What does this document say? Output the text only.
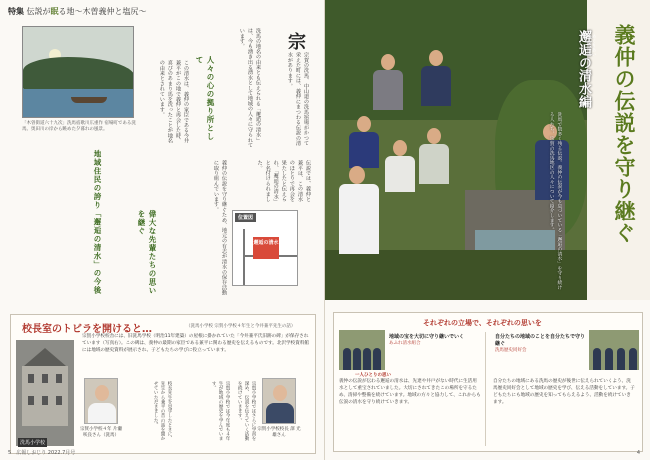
特集 伝説が眠る地〜木曽義仲と塩尻〜
「木曽街道六十九次」洗馬宿歌川広重作 宿場町である洗馬。奥田川の岸から眺めた夕暮れの風景。
宗
宗賀の洗馬、中山道の洗馬宿場がかつて栄えた町には、義仲にまつわる伝説の清水があります。
洗馬の地名の由来とも伝えられる「邂逅の清水」は、今も湧き出る湧水として地域の人々に守られています。
人々の心の拠り所として
この清水は、義仲の家臣である今井兼平がこの地で義仲と再会した時、喜びのあまり馬を洗ったことが地名の由来とされています。
伝説では、義仲と兼平は、この清水のほとりで再会を果たしたと伝えられ、「邂逅の清水」と名付けられました。
地域住民の誇り「邂逅の清水」の今後	義仲の伝説を守り継ぐため、地元の有志が清水の保存活動に取り組んでいます。
偉大な先輩たちの思いを継ぐ	位置図
邂逅の清水
校長室のトビラを開けると…	（洗馬小学校 宗賀小学校４年生と今井兼平先生の話）
洗馬小学校
宗賀小学校校舎には、旧洗馬学校（明治11年建築）の屋根に掛かれていた「今井兼平氏旧跡の碑」が保存されています（写真右）。この碑は、義仲の最期の家臣である兼平に関わる歴史を伝えるものです。北沢学校資料館には地域の歴史資料が展示され、子どもたちの学びに役立っています。
校長先生を見学したときに、先生から兼平の昔の話を聞かせていただきました。	宗賀小学校では今年度も４年生が地域の歴史を学んでいます。	宗賀小学校ではさらに学習を深め、伝説を伝えていく活動を続けていきます。
宗賀小学校４年 片瀬 咲良さん（洗馬）
宗賀小学校校長 澤 光雄さん
5　 広報しおじり 2022.7月号
義仲の伝説を守り継ぐ
邂逅の清水編 めぐりあい
洗馬で数多く残る伝説。義仲の伝説が今も息づいている「邂逅の清水」を守り続ける人たち、宗賀の洗馬地区の人々について紹介します。
それぞれの立場で、それぞれの思いを
地域の宝を大切に守り継いでいく
あふれ清水組合
自分たちの地域のことを自分たちで守り継ぐ
洗馬歴史同好会
一人ひとりの思い
義仲の伝説が伝わる邂逅の清水は、先達や井戸がない時代に生活用水として重宝されていました。大切にされてきたこの場所を守るため、清掃や整備を続けています。地域の方々と協力して、これからも伝説の清水を守り続けていきます。
自分たちの地域にある洗馬の歴史が後世に伝えられていくよう、洗馬歴史同好会として地域の歴史を学び、伝える活動をしています。子どもたちにも地域の歴史を知ってもらえるよう、活動を続けていきます。
4
